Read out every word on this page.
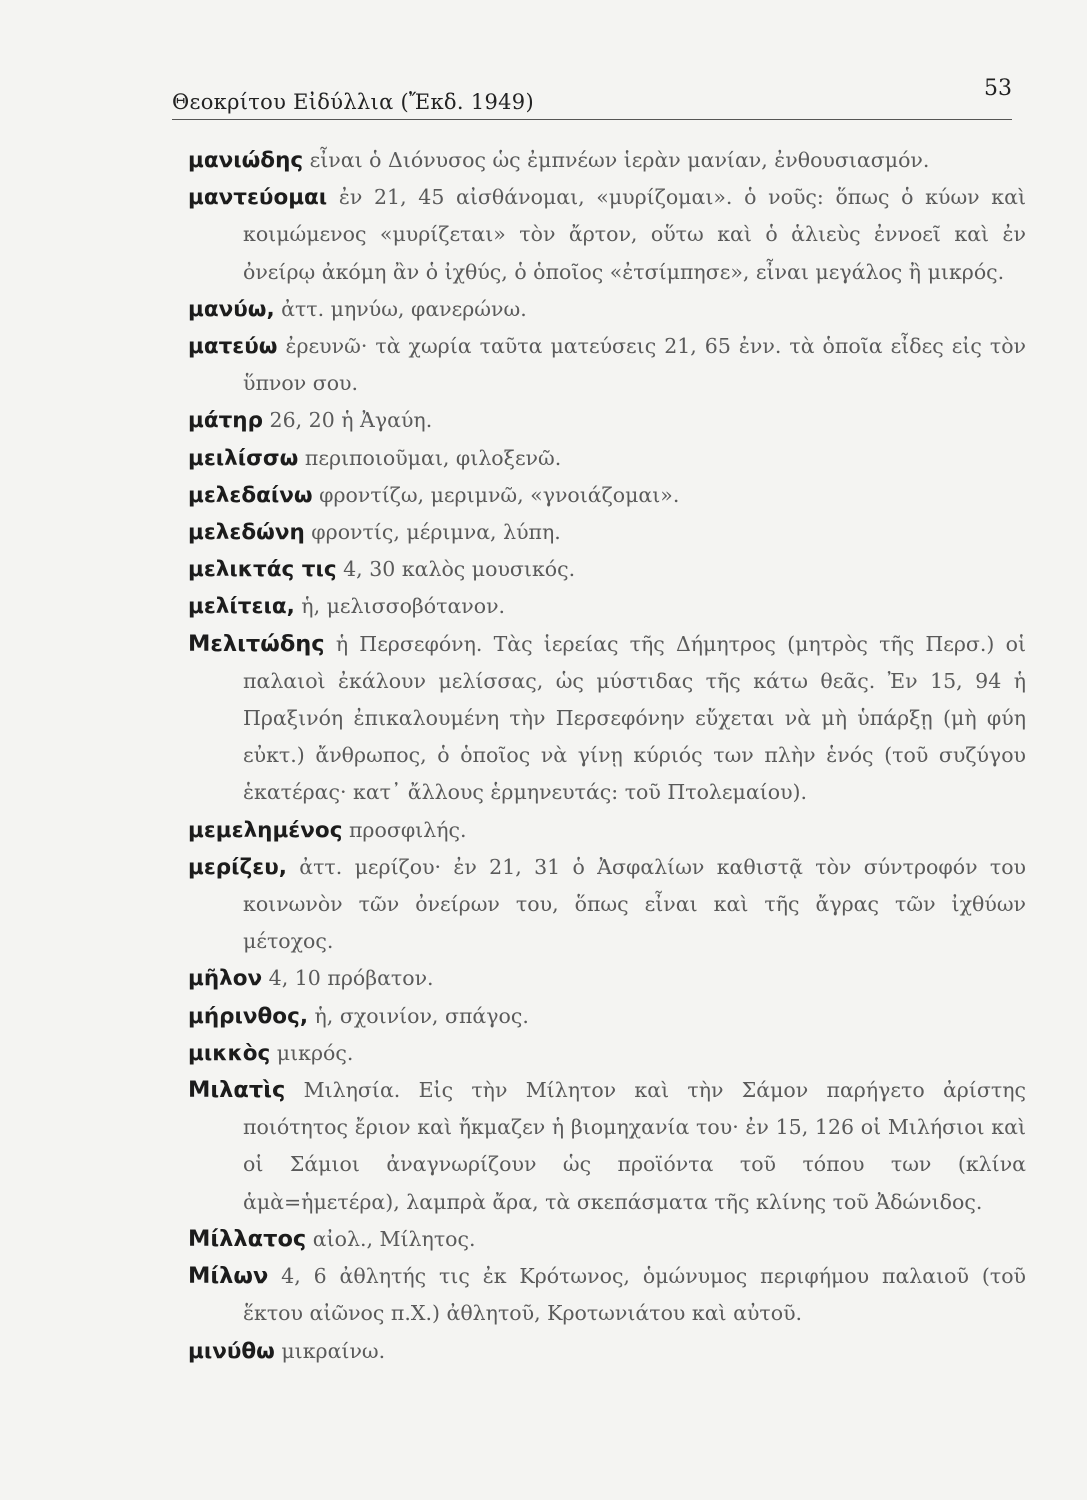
Θεοκρίτου Εἰδύλλια (Ἔκδ. 1949)
53
μανιώδης εἶναι ὁ Διόνυσος ὡς ἐμπνέων ἱερὰν μανίαν, ἐνθουσιασμόν.
μαντεύομαι ἐν 21, 45 αἰσθάνομαι, «μυρίζομαι». ὁ νοῦς: ὅπως ὁ κύων καὶ κοιμώμενος «μυρίζεται» τὸν ἄρτον, οὕτω καὶ ὁ ἁλιεὺς ἐννοεῖ καὶ ἐν ὀνείρῳ ἀκόμη ἂν ὁ ἰχθύς, ὁ ὁποῖος «ἐτσίμπησε», εἶναι μεγάλος ἢ μικρός.
μανύω, ἀττ. μηνύω, φανερώνω.
ματεύω ἐρευνῶ· τὰ χωρία ταῦτα ματεύσεις 21, 65 ἐνν. τὰ ὁποῖα εἶδες εἰς τὸν ὕπνον σου.
μάτηρ 26, 20 ἡ Ἀγαύη.
μειλίσσω περιποιοῦμαι, φιλοξενῶ.
μελεδαίνω φροντίζω, μεριμνῶ, «γνοιάζομαι».
μελεδώνη φροντίς, μέριμνα, λύπη.
μελικτάς τις 4, 30 καλὸς μουσικός.
μελίτεια, ἡ, μελισσοβότανον.
Μελιτώδης ἡ Περσεφόνη. Τὰς ἱερείας τῆς Δήμητρος (μητρὸς τῆς Περσ.) οἱ παλαιοὶ ἐκάλουν μελίσσας, ὡς μύστιδας τῆς κάτω θεᾶς. Ἐν 15, 94 ἡ Πραξινόη ἐπικαλουμένη τὴν Περσεφόνην εὔχεται νὰ μὴ ὑπάρξῃ (μὴ φύη εὐκτ.) ἄνθρωπος, ὁ ὁποῖος νὰ γίνῃ κύριός των πλὴν ἑνός (τοῦ συζύγου ἑκατέρας· κατ᾽ ἄλλους ἑρμηνευτάς: τοῦ Πτολεμαίου).
μεμελημένος προσφιλής.
μερίζευ, ἀττ. μερίζου· ἐν 21, 31 ὁ Ἀσφαλίων καθιστᾷ τὸν σύντροφόν του κοινωνὸν τῶν ὀνείρων του, ὅπως εἶναι καὶ τῆς ἄγρας τῶν ἰχθύων μέτοχος.
μῆλον 4, 10 πρόβατον.
μήρινθος, ἡ, σχοινίον, σπάγος.
μικκὸς μικρός.
Μιλατὶς Μιλησία. Εἰς τὴν Μίλητον καὶ τὴν Σάμον παρήγετο ἀρίστης ποιότητος ἔριον καὶ ἤκμαζεν ἡ βιομηχανία του· ἐν 15, 126 οἱ Μιλήσιοι καὶ οἱ Σάμιοι ἀναγνωρίζουν ὡς προϊόντα τοῦ τόπου των (κλίνα ἁμὰ=ἡμετέρα), λαμπρὰ ἄρα, τὰ σκεπάσματα τῆς κλίνης τοῦ Ἀδώνιδος.
Μίλλατος αἰολ., Μίλητος.
Μίλων 4, 6 ἀθλητής τις ἐκ Κρότωνος, ὁμώνυμος περιφήμου παλαιοῦ (τοῦ ἕκτου αἰῶνος π.Χ.) ἀθλητοῦ, Κροτωνιάτου καὶ αὐτοῦ.
μινύθω μικραίνω.
